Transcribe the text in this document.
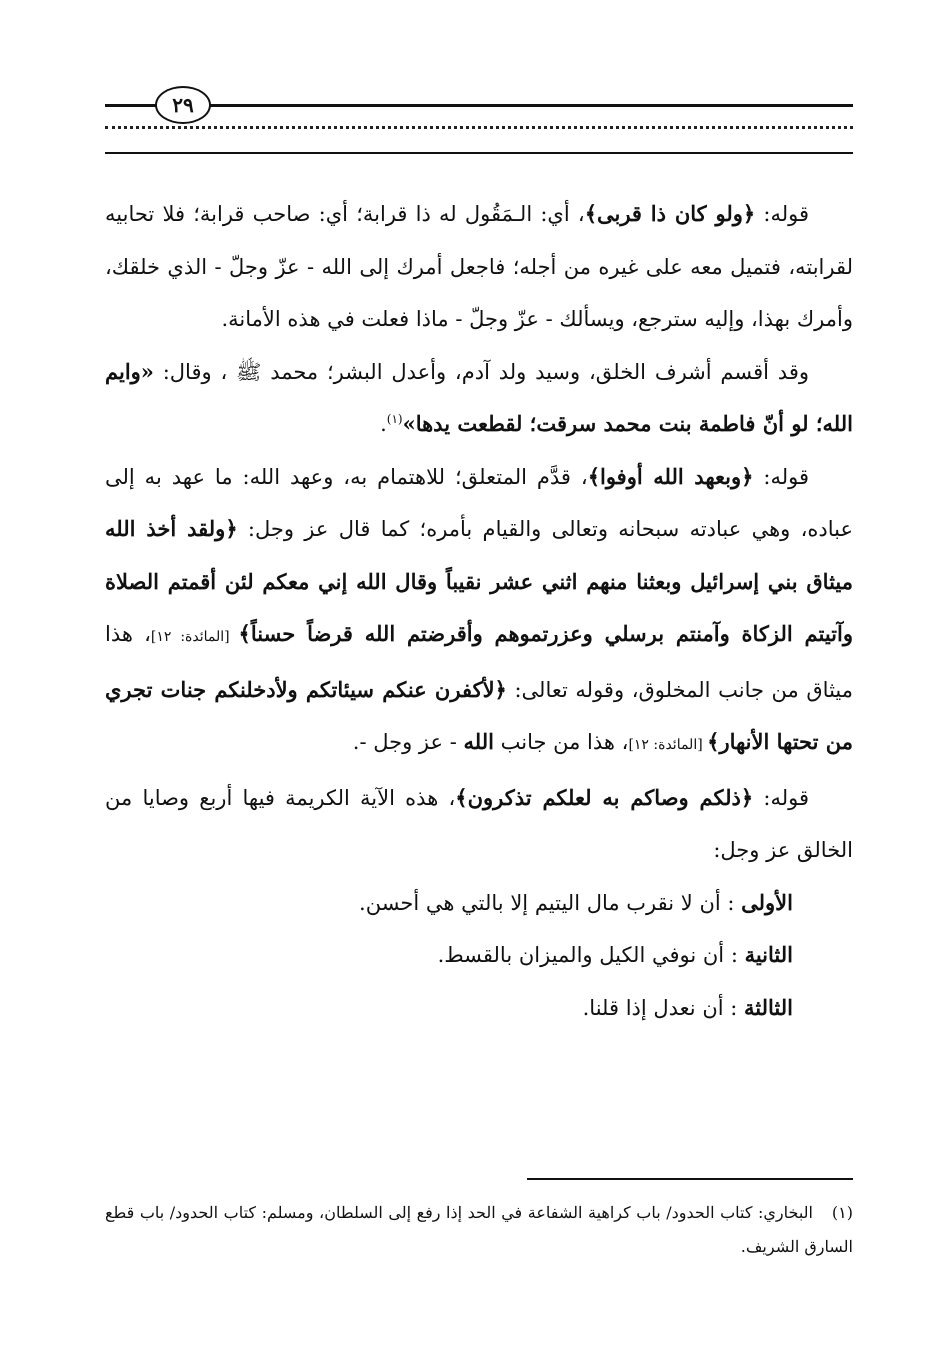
٢٩

قوله: ﴿ولو كان ذا قربى﴾، أي: الـمَقُول له ذا قرابة؛ أي: صاحب قرابة؛ فلا تحابيه لقرابته، فتميل معه على غيره من أجله؛ فاجعل أمرك إلى الله - عزّ وجلّ - الذي خلقك، وأمرك بهذا، وإليه سترجع، ويسألك - عزّ وجلّ - ماذا فعلت في هذه الأمانة.

وقد أقسم أشرف الخلق، وسيد ولد آدم، وأعدل البشر؛ محمد ﷺ ، وقال: «وايم الله؛ لو أنّ فاطمة بنت محمد سرقت؛ لقطعت يدها»$^{(١)}$.

قوله: ﴿وبعهد الله أوفوا﴾، قدَّم المتعلق؛ للاهتمام به، وعهد الله: ما عهد به إلى عباده، وهي عبادته سبحانه وتعالى والقيام بأمره؛ كما قال عز وجل: ﴿ولقد أخذ الله ميثاق بني إسرائيل وبعثنا منهم اثني عشر نقيباً وقال الله إني معكم لئن أقمتم الصلاة وآتيتم الزكاة وآمنتم برسلي وعزرتموهم وأقرضتم الله قرضاً حسناً﴾ [المائدة: ١٢]، هذا ميثاق من جانب المخلوق، وقوله تعالى: ﴿لأكفرن عنكم سيئاتكم ولأدخلنكم جنات تجري من تحتها الأنهار﴾ [المائدة: ١٢]، هذا من جانب الله - عز وجل -.

قوله: ﴿ذلكم وصاكم به لعلكم تذكرون﴾، هذه الآية الكريمة فيها أربع وصايا من الخالق عز وجل:

الأولى : أن لا نقرب مال اليتيم إلا بالتي هي أحسن.
الثانية : أن نوفي الكيل والميزان بالقسط.
الثالثة : أن نعدل إذا قلنا.
(١)البخاري: كتاب الحدود/ باب كراهية الشفاعة في الحد إذا رفع إلى السلطان، ومسلم: كتاب الحدود/ باب قطع السارق الشريف.
